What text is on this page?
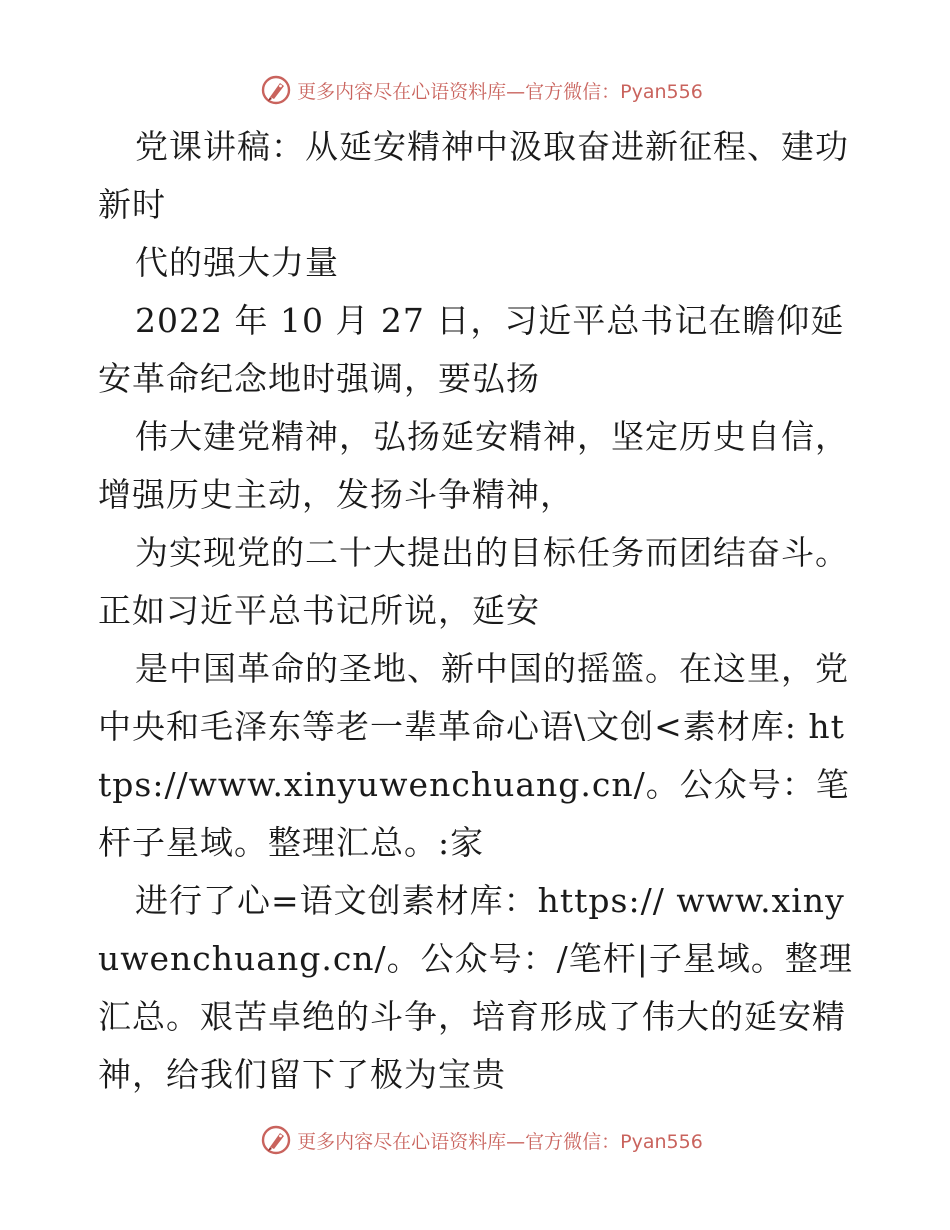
更多内容尽在心语资料库—官方微信：Pyan556

党课讲稿：从延安精神中汲取奋进新征程、建功新时

代的强大力量

2022 年 10 月 27 日，习近平总书记在瞻仰延安革命纪念地时强调，要弘扬

伟大建党精神，弘扬延安精神，坚定历史自信，增强历史主动，发扬斗争精神，

为实现党的二十大提出的目标任务而团结奋斗。正如习近平总书记所说，延安

是中国革命的圣地、新中国的摇篮。在这里，党中央和毛泽东等老一辈革命心语\文创<素材库: https://www.xinyuwenchuang.cn/。公众号：笔杆子星域。整理汇总。:家

进行了心=语文创素材库：https:// www.xinyuwenchuang.cn/。公众号：/笔杆|子星域。整理汇总。艰苦卓绝的斗争，培育形成了伟大的延安精神，给我们留下了极为宝贵

更多内容尽在心语资料库—官方微信：Pyan556
